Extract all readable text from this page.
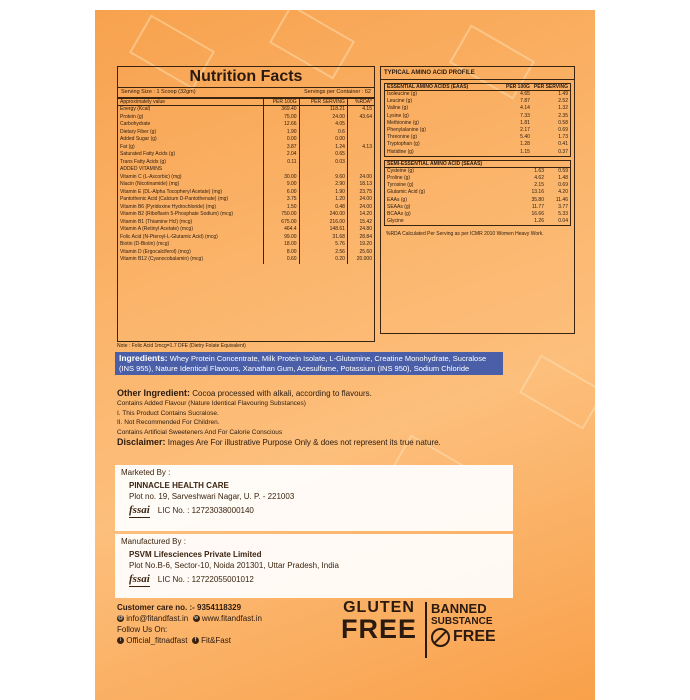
Nutrition Facts
Serving Size : 1 Scoop (32gm)	Servings per Container : 62
Approximately value	PER 100G	PER SERVING	%RDA*
Energy (Kcal)	369.40	118.21	4.15
Protein (g)	75.00	24.00	43.64
Carbohydrate	12.66	4.05	
Dietary Fiber (g)	1.90	0.6	
Added Sugar (g)	0.00	0.00	
Fat (g)	3.87	1.24	4.13
Saturated Fatty Acids (g)	2.04	0.65	
Trans Fatty Acids (g)	0.11	0.03	
ADDED VITAMINS			
Vitamin C (L-Ascorbic) (mg)	30.00	9.60	24.00
Niacin (Nicotinamide) (mg)	9.00	2.90	18.13
Vitamin E (DL-Alpha Tocopheryl Acetate) (mg)	6.00	1.90	23.75
Pantothenic Acid (Calcium D-Pantothenate) (mg)	3.75	1.20	24.00
Vitamin B6 (Pyridoxine Hydrochloride) (mg)	1.50	0.48	24.00
Vitamin B2 (Riboflavin 5-Phosphate Sodium) (mcg)	750.00	240.00	14.20
Vitamin B1 (Thiamine Hcl) (mcg)	675.00	216.00	15.42
Vitamin A (Retinyl Acetate) (mcg)	464.4	148.61	24.80
Folic Acid (N-Pteroyl-L-Glutamic Acid) (mcg)	99.00	31.68	28.84
Biotin (D-Biotin) (mcg)	18.00	5.76	19.20
Vitamin D (Ergocalciferol) (mcg)	8.00	2.56	25.60
Vitamin B12 (Cyanocobalamin) (mcg)	0.60	0.20	20.000
TYPICAL AMINO ACID PROFILE
ESSENTIAL AMINO ACIDS (EAAS)	PER 100G	PER SERVING
Isoleucine (g)	4.65	1.49
Leucine (g)	7.87	2.52
Valine (g)	4.14	1.32
Lysine (g)	7.33	2.35
Methionine (g)	1.81	0.58
Phenylalanine (g)	2.17	0.69
Threonine (g)	5.40	1.73
Tryptophan (g)	1.28	0.41
Histidine (g)	1.15	0.37
SEMI-ESSENTIAL AMINO ACID (SEAAS)		
Cysteine (g)	1.63	0.59
Proline (g)	4.62	1.48
Tyrosine (g)	2.15	0.69
Glutamic Acid (g)	13.16	4.20
EAAs (g)	35.80	11.46
SEAAs (g)	11.77	3.77
BCAAs (g)	16.66	5.33
Glycine	1.26	0.04
%RDA Calculated Per Serving as per ICMR 2010 Women Heavy Work.
Note : Folic Acid 1mcg=1.7 DFE (Dietry Folate Equivalent)
Ingredients: Whey Protein Concentrate, Milk Protein Isolate, L-Glutamine, Creatine Monohydrate, Sucralose (INS 955), Nature Identical Flavours, Xanathan Gum, Acesulfame, Potassium (INS 950), Sodium Chloride
Other Ingredient: Cocoa processed with alkali, according to flavours.
Contains Added Flavour (Nature Identical Flavouring Substances)
I. This Product Contains Sucralose.
II. Not Recommended For Children.
Contains Artificial Sweeteners And For Calorie Conscious
Disclaimer: Images Are For illustrative Purpose Only & does not represent its true nature.
Marketed By :
PINNACLE HEALTH CARE
Plot no. 19, Sarveshwari Nagar, U. P. - 221003
fssai LIC No. : 12723038000140
Manufactured By :
PSVM Lifesciences Private Limited
Plot No.B-6, Sector-10, Noida 201301, Uttar Pradesh, India
fssai LIC No. : 12722055001012
Customer care no. :- 9354118329
@ info@fitandfast.in w www.fitandfast.in
Follow Us On:
i Official_fitnadfast f Fit&Fast
GLUTEN
FREE
BANNED
SUBSTANCE
FREE
